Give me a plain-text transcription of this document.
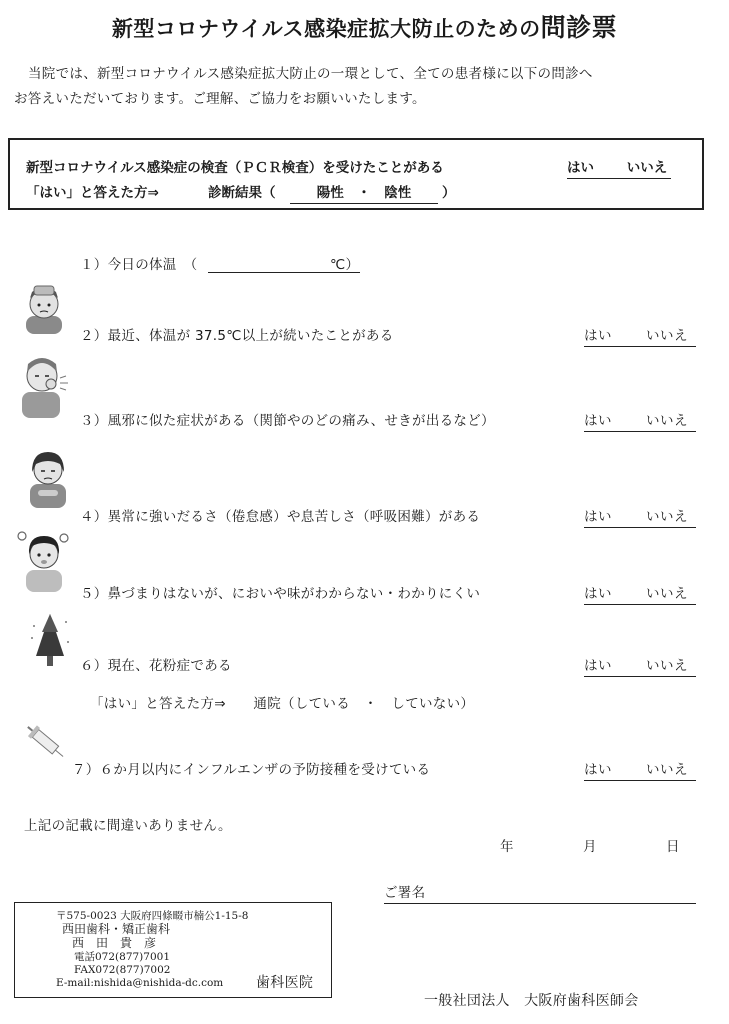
新型コロナウイルス感染症拡大防止のための問診票
当院では、新型コロナウイルス感染症拡大防止の一環として、全ての患者様に以下の問診へ
お答えいただいております。ご理解、ご協力をお願いいたします。
新型コロナウイルス感染症の検査（ＰＣＲ検査）を受けたことがある	はい いいえ
「はい」と答えた方⇒	診断結果（	陽性　・　陰性	）
１）今日の体温　（	℃）
２）最近、体温が 37.5℃以上が続いたことがある	はい	いいえ
３）風邪に似た症状がある（関節やのどの痛み、せきが出るなど）	はい	いいえ
４）異常に強いだるさ（倦怠感）や息苦しさ（呼吸困難）がある	はい	いいえ
５）鼻づまりはないが、においや味がわからない・わかりにくい	はい	いいえ
６）現在、花粉症である	はい	いいえ
「はい」と答えた方⇒　　通院（している　・　していない）
７）６か月以内にインフルエンザの予防接種を受けている	はい	いいえ
上記の記載に間違いありません。
年	月	日
ご署名
〒575-0023 大阪府四條畷市楠公1-15-8
西田歯科・矯正歯科
西　田　貴　彦
電話072(877)7001
FAX072(877)7002
E-mail:nishida@nishida-dc.com 歯科医院
一般社団法人　大阪府歯科医師会
